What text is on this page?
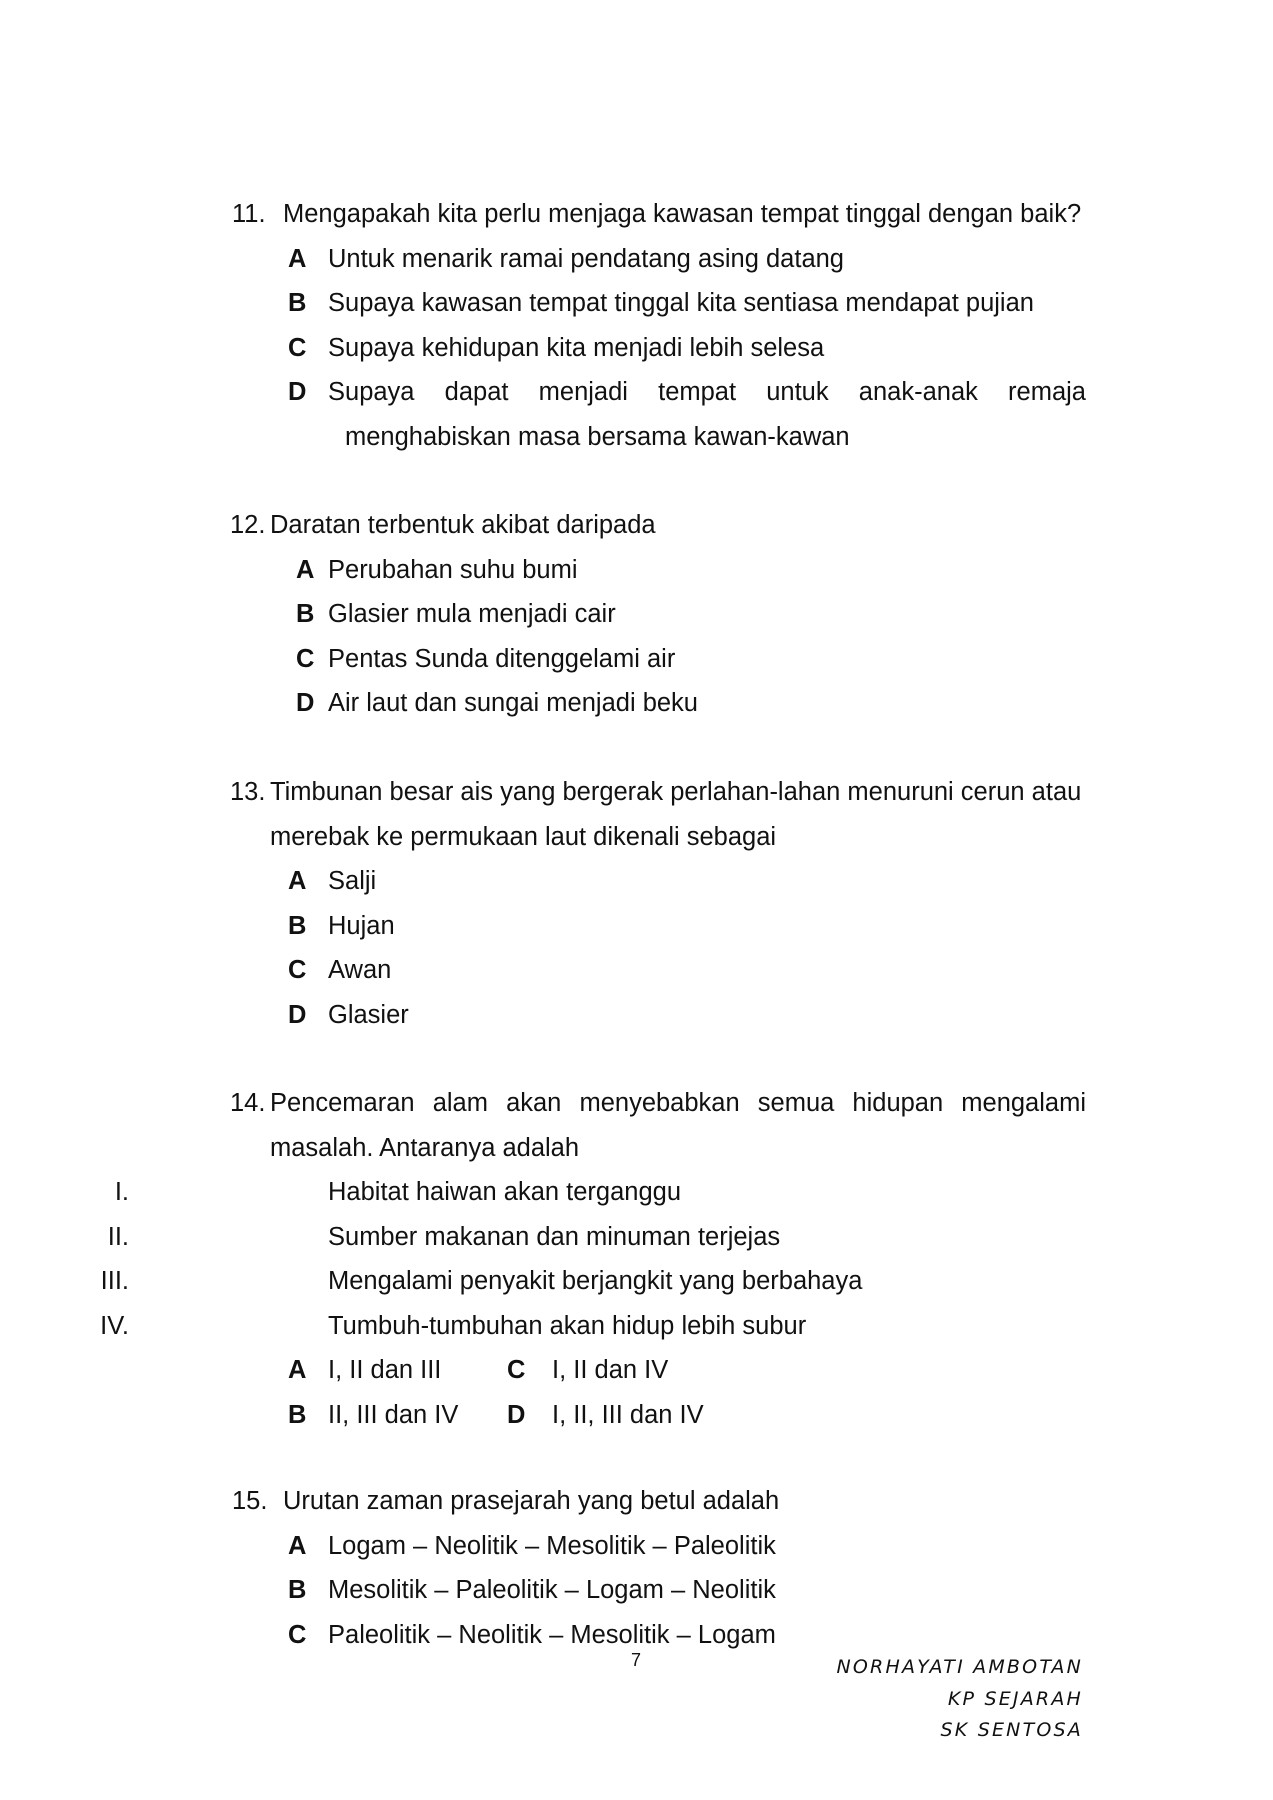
11. Mengapakah kita perlu menjaga kawasan tempat tinggal dengan baik?
A Untuk menarik ramai pendatang asing datang
B Supaya kawasan tempat tinggal kita sentiasa mendapat pujian
C Supaya kehidupan kita menjadi lebih selesa
D Supaya dapat menjadi tempat untuk anak-anak remaja
menghabiskan masa bersama kawan-kawan
12. Daratan terbentuk akibat daripada
A Perubahan suhu bumi
B Glasier mula menjadi cair
C Pentas Sunda ditenggelami air
D Air laut dan sungai menjadi beku
13. Timbunan besar ais yang bergerak perlahan-lahan menuruni cerun atau
merebak ke permukaan laut dikenali sebagai
A Salji
B Hujan
C Awan
D Glasier
14. Pencemaran alam akan menyebabkan semua hidupan mengalami
masalah. Antaranya adalah
I.	Habitat haiwan akan terganggu
II.	Sumber makanan dan minuman terjejas
III.	Mengalami penyakit berjangkit yang berbahaya
IV.	Tumbuh-tumbuhan akan hidup lebih subur
A I, II dan III	C I, II dan IV
B II, III dan IV D I, II, III dan IV
15. Urutan zaman prasejarah yang betul adalah
A Logam – Neolitik – Mesolitik – Paleolitik
B Mesolitik – Paleolitik – Logam – Neolitik
C Paleolitik – Neolitik – Mesolitik – Logam
7	NORHAYATI AMBOTAN
KP SEJARAH
SK SENTOSA
